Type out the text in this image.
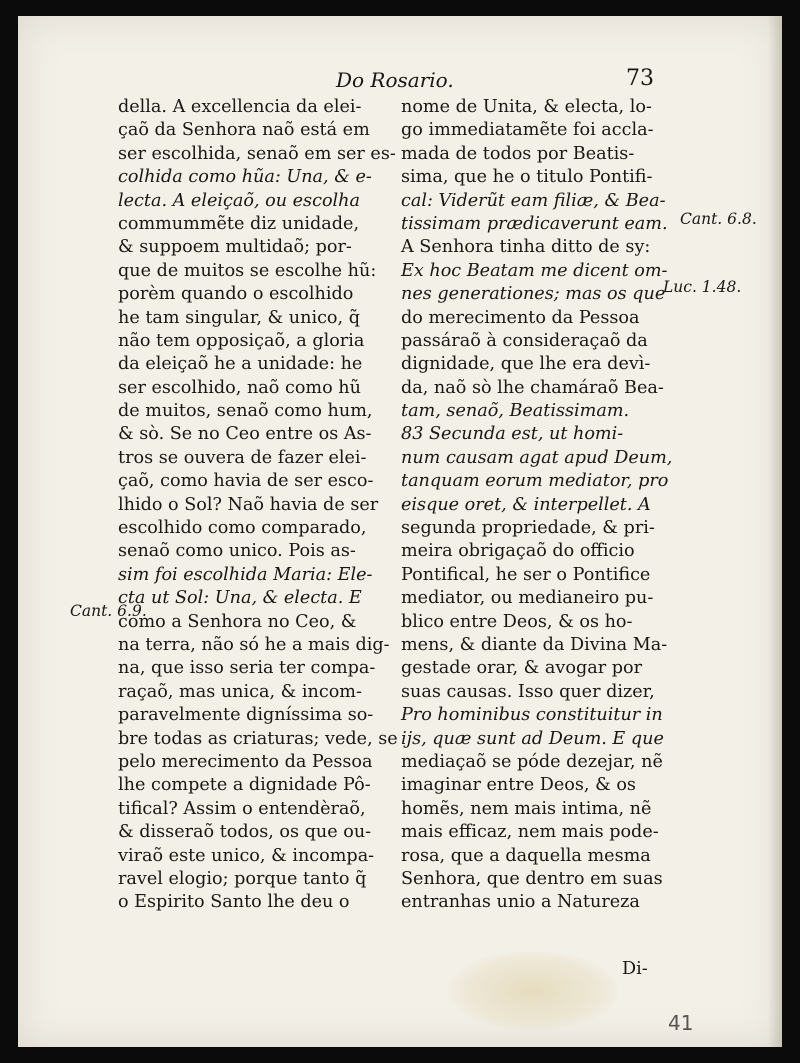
Do Rosario.	73
della. A excellencia da elei-
çaõ da Senhora naõ está em
ser escolhida, senaõ em ser es-
colhida como hũa: Una, & e-
lecta. A eleiçaõ, ou escolha
commummẽte diz unidade,
& suppoem multidaõ; por-
que de muitos se escolhe hũ:
porèm quando o escolhido
he tam singular, & unico, q̃
não tem opposiçaõ, a gloria
da eleiçaõ he a unidade: he
ser escolhido, naõ como hũ
de muitos, senaõ como hum,
& sò. Se no Ceo entre os As-
tros se ouvera de fazer elei-
çaõ, como havia de ser esco-
lhido o Sol? Naõ havia de ser
escolhido como comparado,
senaõ como unico. Pois as-
sim foi escolhida Maria: Ele-
cta ut Sol: Una, & electa. E
como a Senhora no Ceo, &
na terra, não só he a mais dig-
na, que isso seria ter compa-
raçaõ, mas unica, & incom-
paravelmente digníssima so-
bre todas as criaturas; vede, se
pelo merecimento da Pessoa
lhe compete a dignidade Pô-
tifical? Assim o entendèraõ,
& disseraõ todos, os que ou-
viraõ este unico, & incompa-
ravel elogio; porque tanto q̃
o Espirito Santo lhe deu o
nome de Unita, & electa, lo-
go immediatamẽte foi accla-
mada de todos por Beatis-
sima, que he o titulo Pontifi-
cal: Viderũt eam filiæ, & Bea-
tissimam prædicaverunt eam.
A Senhora tinha ditto de sy:
Ex hoc Beatam me dicent om-
nes generationes; mas os que
do merecimento da Pessoa
passáraõ à consideraçaõ da
dignidade, que lhe era devì-
da, naõ sò lhe chamáraõ Bea-
tam, senaõ, Beatissimam.
83 Secunda est, ut homi-
num causam agat apud Deum,
tanquam eorum mediator, pro
eisque oret, & interpellet. A
segunda propriedade, & pri-
meira obrigaçaõ do officio
Pontifical, he ser o Pontifice
mediator, ou medianeiro pu-
blico entre Deos, & os ho-
mens, & diante da Divina Ma-
gestade orar, & avogar por
suas causas. Isso quer dizer,
Pro hominibus constituitur in
ijs, quæ sunt ad Deum. E que
mediaçaõ se póde dezejar, nẽ
imaginar entre Deos, & os
homẽs, nem mais intima, nẽ
mais efficaz, nem mais pode-
rosa, que a daquella mesma
Senhora, que dentro em suas
entranhas unio a Natureza
Cant. 6.8.
Luc. 1.48.
Cant. 6.9.
Di-
41
